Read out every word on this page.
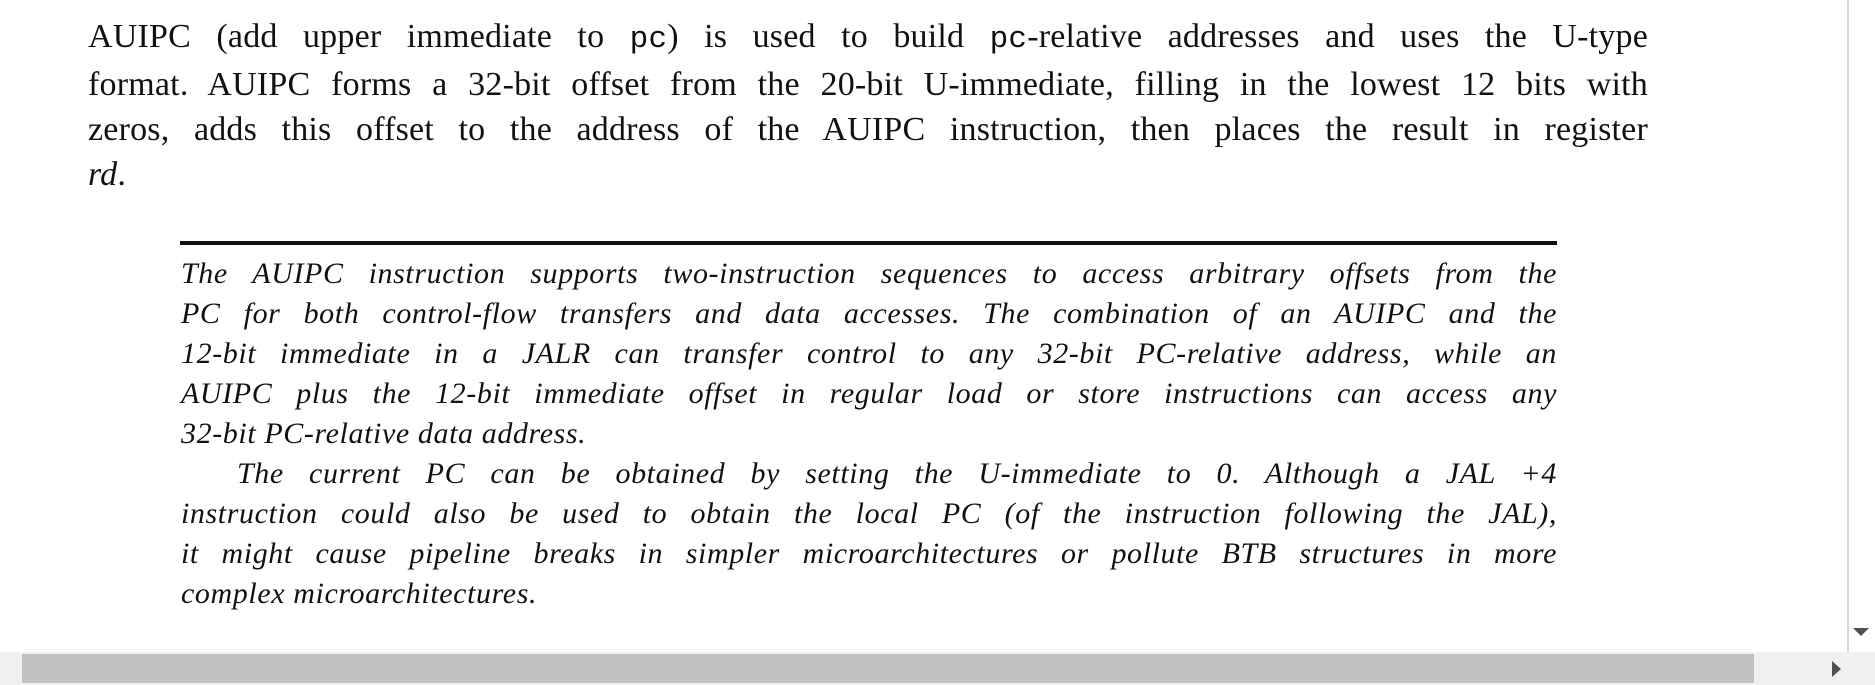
AUIPC (add upper immediate to pc) is used to build pc-relative addresses and uses the U-type
format. AUIPC forms a 32-bit offset from the 20-bit U-immediate, filling in the lowest 12 bits with
zeros, adds this offset to the address of the AUIPC instruction, then places the result in register
rd.
The AUIPC instruction supports two-instruction sequences to access arbitrary offsets from the
PC for both control-flow transfers and data accesses. The combination of an AUIPC and the
12-bit immediate in a JALR can transfer control to any 32-bit PC-relative address, while an
AUIPC plus the 12-bit immediate offset in regular load or store instructions can access any
32-bit PC-relative data address.
The current PC can be obtained by setting the U-immediate to 0. Although a JAL +4
instruction could also be used to obtain the local PC (of the instruction following the JAL),
it might cause pipeline breaks in simpler microarchitectures or pollute BTB structures in more
complex microarchitectures.
